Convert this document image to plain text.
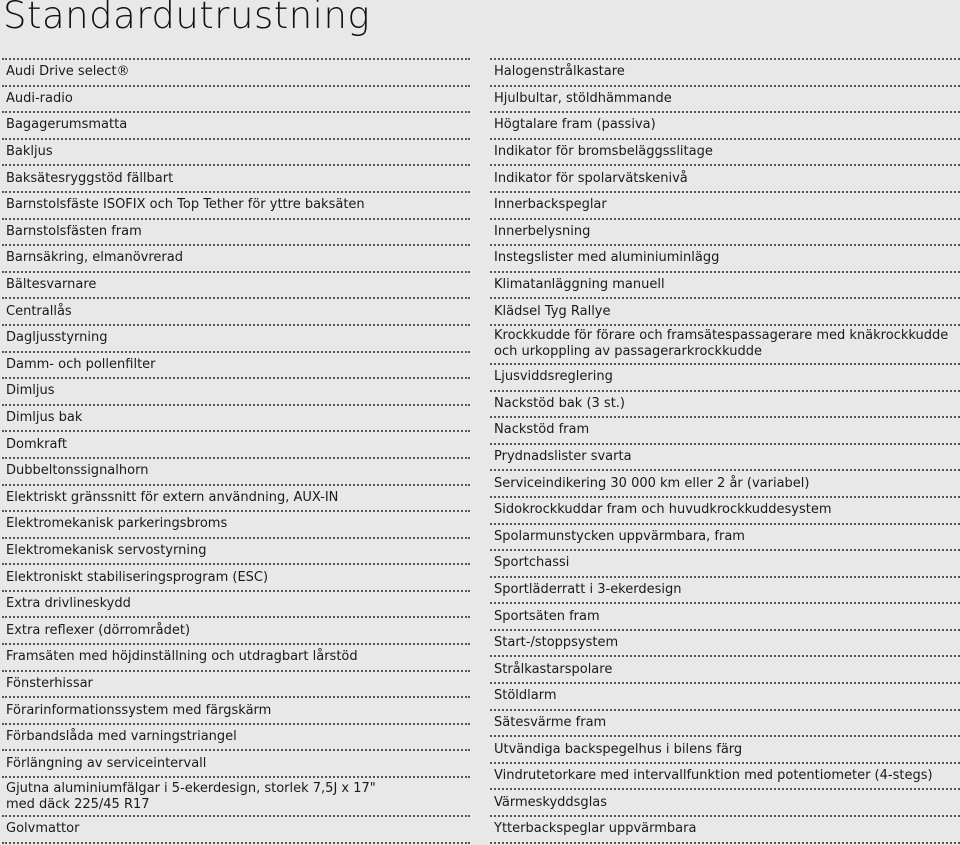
Standardutrustning
Audi Drive select®
Audi-radio
Bagagerumsmatta
Bakljus
Baksätesryggstöd fällbart
Barnstolsfäste ISOFIX och Top Tether för yttre baksäten
Barnstolsfästen fram
Barnsäkring, elmanövrerad
Bältesvarnare
Centrallås
Dagljusstyrning
Damm- och pollenfilter
Dimljus
Dimljus bak
Domkraft
Dubbeltonssignalhorn
Elektriskt gränssnitt för extern användning, AUX-IN
Elektromekanisk parkeringsbroms
Elektromekanisk servostyrning
Elektroniskt stabiliseringsprogram (ESC)
Extra drivlineskydd
Extra reflexer (dörrområdet)
Framsäten med höjdinställning och utdragbart lårstöd
Fönsterhissar
Förarinformationssystem med färgskärm
Förbandslåda med varningstriangel
Förlängning av serviceintervall
Gjutna aluminiumfälgar i 5-ekerdesign, storlek 7,5J x 17"
med däck 225/45 R17
Golvmattor
Halogenstrålkastare
Hjulbultar, stöldhämmande
Högtalare fram (passiva)
Indikator för bromsbeläggsslitage
Indikator för spolarvätskenivå
Innerbackspeglar
Innerbelysning
Instegslister med aluminiuminlägg
Klimatanläggning manuell
Klädsel Tyg Rallye
Krockkudde för förare och framsätespassagerare med knäkrockkudde
och urkoppling av passagerarkrockkudde
Ljusviddsreglering
Nackstöd bak (3 st.)
Nackstöd fram
Prydnadslister svarta
Serviceindikering 30 000 km eller 2 år (variabel)
Sidokrockkuddar fram och huvudkrockkuddesystem
Spolarmunstycken uppvärmbara, fram
Sportchassi
Sportläderratt i 3-ekerdesign
Sportsäten fram
Start-/stoppsystem
Strålkastarspolare
Stöldlarm
Sätesvärme fram
Utvändiga backspegelhus i bilens färg
Vindrutetorkare med intervallfunktion med potentiometer (4-stegs)
Värmeskyddsglas
Ytterbackspeglar uppvärmbara
